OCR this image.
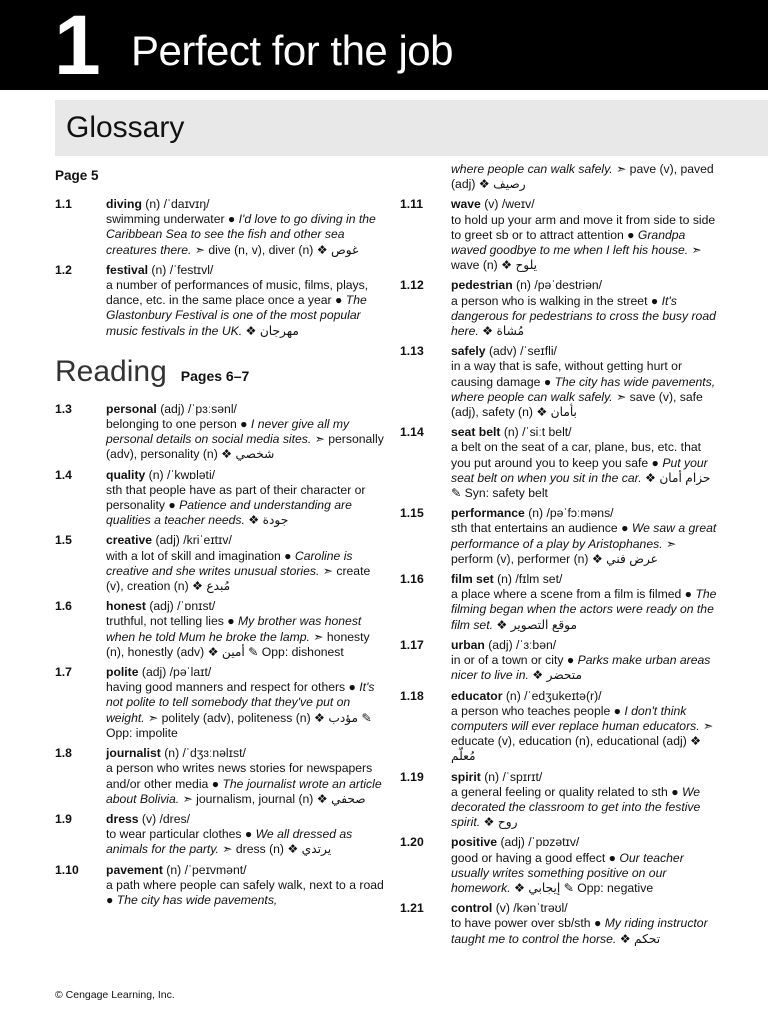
1 Perfect for the job
Glossary
Page 5
1.1	diving (n) /ˈdaɪvɪŋ/
swimming underwater ● I'd love to go diving in the Caribbean Sea to see the fish and other sea creatures there. ➣ dive (n, v), diver (n) ❖ غوص
1.2	festival (n) /ˈfestɪvl/
a number of performances of music, films, plays, dance, etc. in the same place once a year ● The Glastonbury Festival is one of the most popular music festivals in the UK. ❖ مهرجان
Reading Pages 6–7
1.3	personal (adj) /ˈpɜːsənl/
belonging to one person ● I never give all my personal details on social media sites. ➣ personally (adv), personality (n) ❖ شخصي
1.4	quality (n) /ˈkwɒləti/
sth that people have as part of their character or personality ● Patience and understanding are qualities a teacher needs. ❖ جودة
1.5	creative (adj) /kriˈeɪtɪv/
with a lot of skill and imagination ● Caroline is creative and she writes unusual stories. ➣ create (v), creation (n) ❖ مُبدع
1.6	honest (adj) /ˈɒnɪst/
truthful, not telling lies ● My brother was honest when he told Mum he broke the lamp. ➣ honesty (n), honestly (adv) ❖ أمين ✎ Opp: dishonest
1.7	polite (adj) /pəˈlaɪt/
having good manners and respect for others ● It's not polite to tell somebody that they've put on weight. ➣ politely (adv), politeness (n) ❖ مؤدب ✎ Opp: impolite
1.8	journalist (n) /ˈdʒɜːnəlɪst/
a person who writes news stories for newspapers and/or other media ● The journalist wrote an article about Bolivia. ➣ journalism, journal (n) ❖ صحفي
1.9	dress (v) /dres/
to wear particular clothes ● We all dressed as animals for the party. ➣ dress (n) ❖ يرتدي
1.10	pavement (n) /ˈpeɪvmənt/
a path where people can safely walk, next to a road ● The city has wide pavements,
where people can walk safely. ➣ pave (v), paved (adj) ❖ رصيف
1.11	wave (v) /weɪv/
to hold up your arm and move it from side to side to greet sb or to attract attention ● Grandpa waved goodbye to me when I left his house. ➣ wave (n) ❖ يلوح
1.12	pedestrian (n) /pəˈdestriən/
a person who is walking in the street ● It's dangerous for pedestrians to cross the busy road here. ❖ مُشاة
1.13	safely (adv) /ˈseɪfli/
in a way that is safe, without getting hurt or causing damage ● The city has wide pavements, where people can walk safely. ➣ save (v), safe (adj), safety (n) ❖ بأمان
1.14	seat belt (n) /ˈsiːt belt/
a belt on the seat of a car, plane, bus, etc. that you put around you to keep you safe ● Put your seat belt on when you sit in the car. ❖ حزام أمان ✎ Syn: safety belt
1.15	performance (n) /pəˈfɔːməns/
sth that entertains an audience ● We saw a great performance of a play by Aristophanes. ➣ perform (v), performer (n) ❖ عرض فني
1.16	film set (n) /fɪlm set/
a place where a scene from a film is filmed ● The filming began when the actors were ready on the film set. ❖ موقع التصوير
1.17	urban (adj) /ˈɜːbən/
in or of a town or city ● Parks make urban areas nicer to live in. ❖ متحضر
1.18	educator (n) /ˈedʒukeɪtə(r)/
a person who teaches people ● I don't think computers will ever replace human educators. ➣ educate (v), education (n), educational (adj) ❖ مُعلّم
1.19	spirit (n) /ˈspɪrɪt/
a general feeling or quality related to sth ● We decorated the classroom to get into the festive spirit. ❖ روح
1.20	positive (adj) /ˈpɒzətɪv/
good or having a good effect ● Our teacher usually writes something positive on our homework. ❖ إيجابي ✎ Opp: negative
1.21	control (v) /kənˈtrəʊl/
to have power over sb/sth ● My riding instructor taught me to control the horse. ❖ تحكم
© Cengage Learning, Inc.
